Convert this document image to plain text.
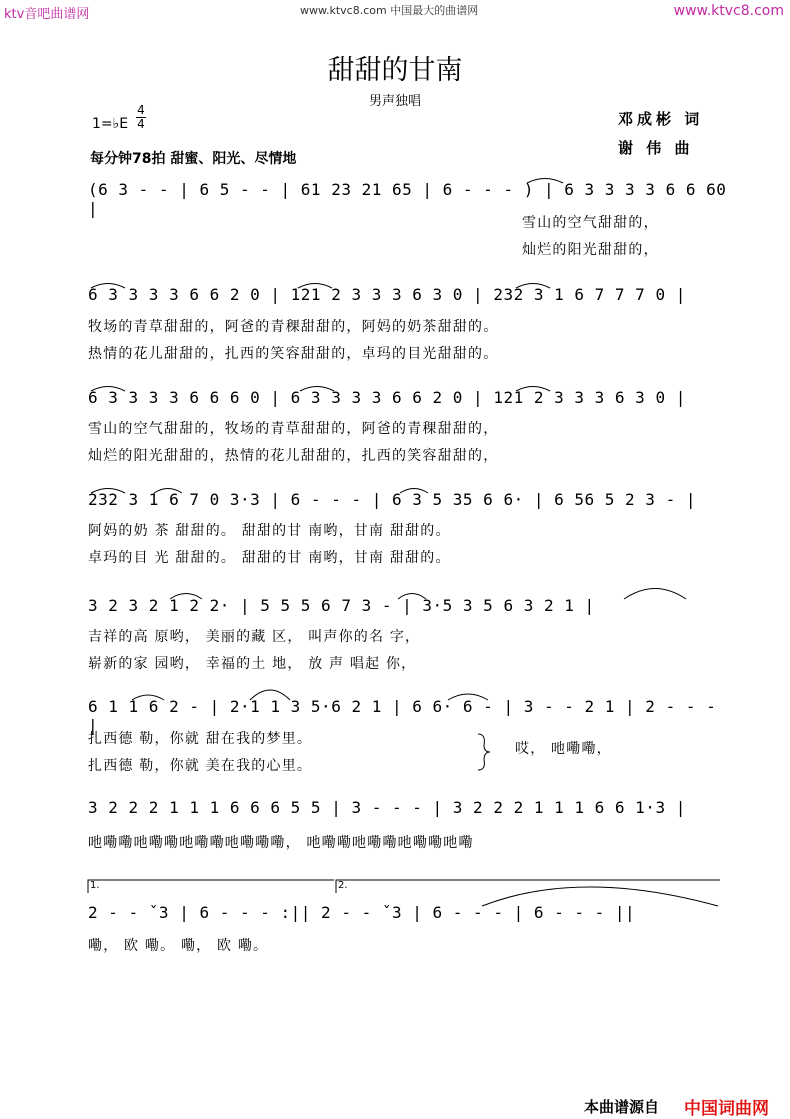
ktv音吧曲谱网	www.ktvc8.com 中国最大的曲谱网	www.ktvc8.com
甜甜的甘南
男声独唱
1=♭E
4
4
每分钟78拍 甜蜜、阳光、尽情地
邓成彬 词
谢 伟 曲
(6 3 - - | 6 5 - - | 61 23 21 65 | 6 - - - ) | 6 3 3 3 3 6 6 60 |
雪山的空气甜甜的，
灿烂的阳光甜甜的，
6 3 3 3 3 6 6 2 0 | 121 2 3 3 3 6 3 0 | 232 3 1 6 7 7 7 0 |
牧场的青草甜甜的，阿爸的青稞甜甜的，阿妈的奶茶甜甜的。
热情的花儿甜甜的，扎西的笑容甜甜的，卓玛的目光甜甜的。
6 3 3 3 3 6 6 6 0 | 6 3 3 3 3 6 6 2 0 | 121 2 3 3 3 6 3 0 |
雪山的空气甜甜的，牧场的青草甜甜的，阿爸的青稞甜甜的，
灿烂的阳光甜甜的，热情的花儿甜甜的，扎西的笑容甜甜的，
232 3 1 6 7 0 3·3 | 6 - - - | 6 3 5 35 6 6· | 6 56 5 2 3 - |
阿妈的奶 茶 甜甜的。 甜甜的甘 南哟，甘南 甜甜的。
卓玛的目 光 甜甜的。 甜甜的甘 南哟，甘南 甜甜的。
3 2 3 2 1 2 2· | 5 5 5 6 7 3 - | 3·5 3 5 6 3 2 1 |
吉祥的高 原哟， 美丽的藏 区， 叫声你的名 字，
崭新的家 园哟， 幸福的土 地， 放 声 唱起 你，
6 1 1 6 2 - | 2·1 1 3 5·6 2 1 | 6 6· 6 - | 3 - - 2 1 | 2 - - - |
扎西德 勒，你就 甜在我的梦里。
扎西德 勒，你就 美在我的心里。
哎， 吔嘞嘞，
3 2 2 2 1 1 1 6 6 6 5 5 | 3 - - - | 3 2 2 2 1 1 1 6 6 1·3 |
吔嘞嘞吔嘞嘞吔嘞嘞吔嘞嘞嘞， 吔嘞嘞吔嘞嘞吔嘞嘞吔嘞
1.	2.
2 - - ˇ3 | 6 - - - :|| 2 - - ˇ3 | 6 - - - | 6 - - - ||
嘞， 欧 嘞。 嘞， 欧 嘞。
本曲谱源自 中国词曲网
